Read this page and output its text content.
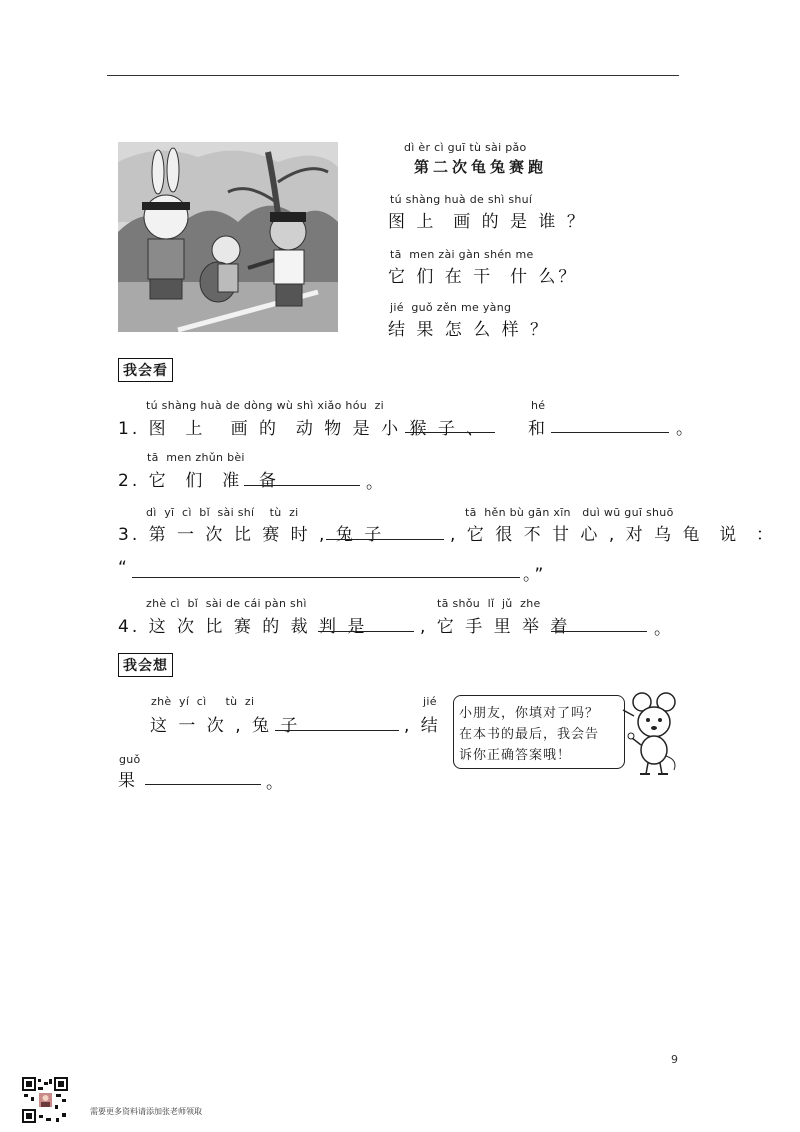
dì èr cì guī tù sài pǎo
第二次龟兔赛跑
tú shàng huà de shì shuí
图 上  画 的 是 谁 ？
tā  men zài gàn shén me
它 们 在 干  什 么？
jié  guǒ zěn me yàng
结 果 怎 么 样 ？
我会看
tú shàng huà de dòng wù shì xiǎo hóu  zi	hé
1. 图  上   画 的  动 物 是 小 猴 子 、 和	。
tā  men zhǔn bèi
2. 它  们  准  备	。
dì  yī  cì  bǐ  sài shí    tù  zi	tā  hěn bù gān xīn   duì wū guī shuō
3. 第 一 次 比 赛 时 , 兔 子	, 它 很 不 甘 心 , 对 乌 龟  说  ：
“	。”
zhè cì  bǐ  sài de cái pàn shì	tā shǒu  lǐ  jǔ  zhe
4. 这 次 比 赛 的 裁 判 是	, 它 手 里 举 着	。
我会想
zhè  yí  cì     tù  zi	jié
这 一 次 , 兔 子	, 结
guǒ
果	。
小朋友，你填对了吗？
在本书的最后，我会告
诉你正确答案哦！
9
需要更多资料请添加张老师领取
